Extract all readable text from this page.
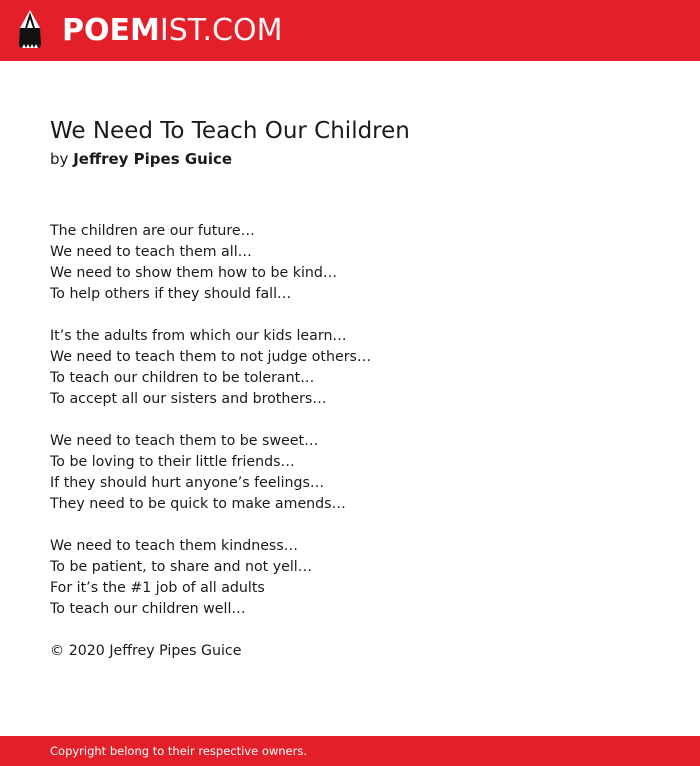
POEMIST.COM
We Need To Teach Our Children
by Jeffrey Pipes Guice
The children are our future…
We need to teach them all…
We need to show them how to be kind…
To help others if they should fall…
It’s the adults from which our kids learn…
We need to teach them to not judge others…
To teach our children to be tolerant…
To accept all our sisters and brothers…
We need to teach them to be sweet…
To be loving to their little friends…
If they should hurt anyone’s feelings…
They need to be quick to make amends…
We need to teach them kindness…
To be patient, to share and not yell…
For it’s the #1 job of all adults
To teach our children well…
© 2020 Jeffrey Pipes Guice
Copyright belong to their respective owners.
